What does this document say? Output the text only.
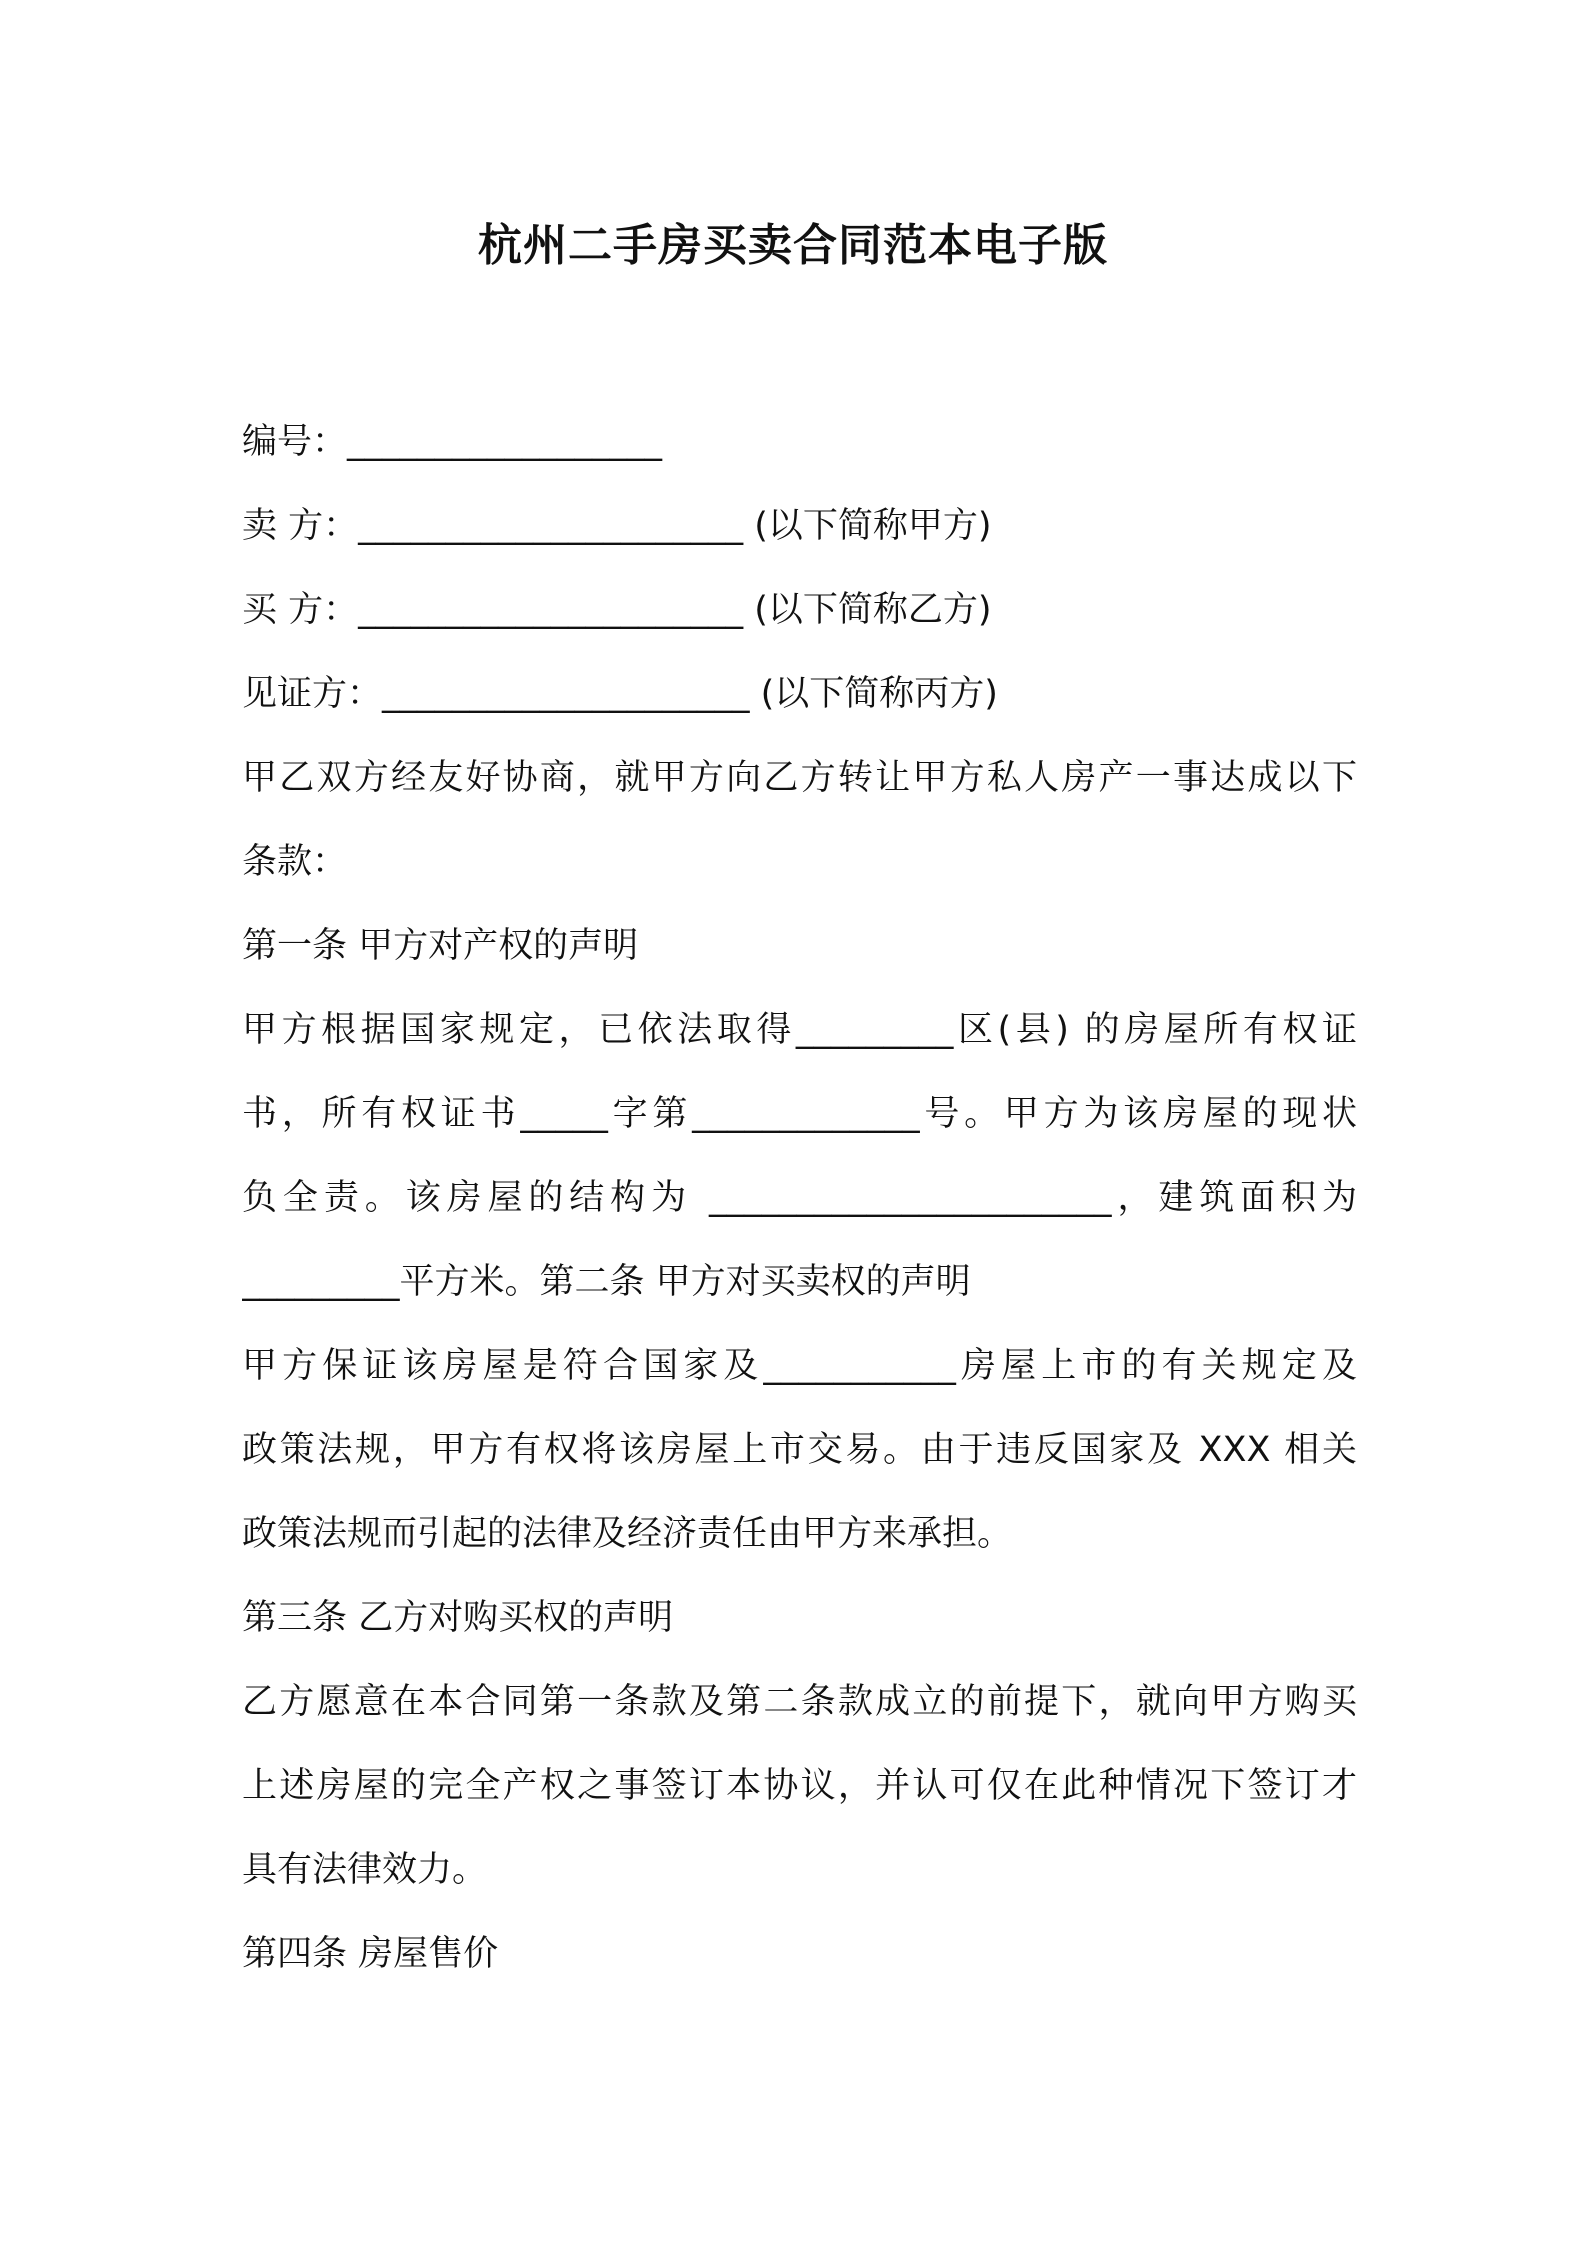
杭州二手房买卖合同范本电子版
编号：__________________
卖 方：______________________ (以下简称甲方)
买 方：______________________ (以下简称乙方)
见证方：_____________________ (以下简称丙方)
甲乙双方经友好协商，就甲方向乙方转让甲方私人房产一事达成以下
条款：
第一条 甲方对产权的声明
甲方根据国家规定，已依法取得_________区(县) 的房屋所有权证
书，所有权证书_____字第_____________号。甲方为该房屋的现状
负全责。该房屋的结构为 _______________________，建筑面积为
_________平方米。第二条 甲方对买卖权的声明
甲方保证该房屋是符合国家及___________房屋上市的有关规定及
政策法规，甲方有权将该房屋上市交易。由于违反国家及 XXX 相关
政策法规而引起的法律及经济责任由甲方来承担。
第三条 乙方对购买权的声明
乙方愿意在本合同第一条款及第二条款成立的前提下，就向甲方购买
上述房屋的完全产权之事签订本协议，并认可仅在此种情况下签订才
具有法律效力。
第四条 房屋售价
